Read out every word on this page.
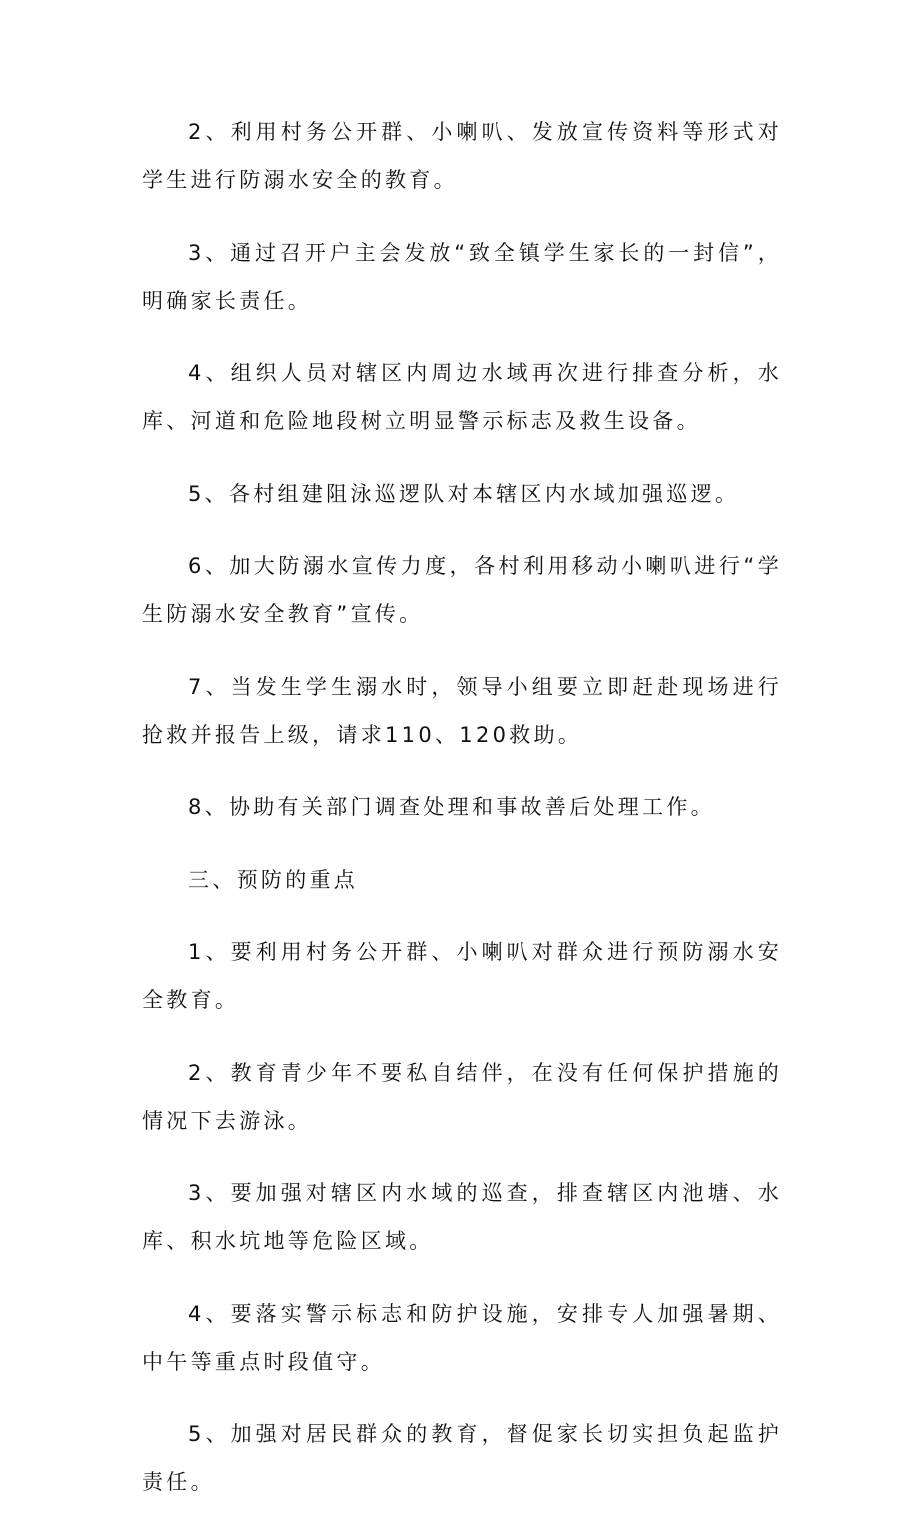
2、利用村务公开群、小喇叭、发放宣传资料等形式对学生进行防溺水安全的教育。

3、通过召开户主会发放“致全镇学生家长的一封信”，明确家长责任。

4、组织人员对辖区内周边水域再次进行排查分析，水库、河道和危险地段树立明显警示标志及救生设备。

5、各村组建阻泳巡逻队对本辖区内水域加强巡逻。

6、加大防溺水宣传力度，各村利用移动小喇叭进行“学生防溺水安全教育”宣传。

7、当发生学生溺水时，领导小组要立即赶赴现场进行抢救并报告上级，请求110、120救助。

8、协助有关部门调查处理和事故善后处理工作。

三、预防的重点

1、要利用村务公开群、小喇叭对群众进行预防溺水安全教育。

2、教育青少年不要私自结伴，在没有任何保护措施的情况下去游泳。

3、要加强对辖区内水域的巡查，排查辖区内池塘、水库、积水坑地等危险区域。

4、要落实警示标志和防护设施，安排专人加强暑期、中午等重点时段值守。

5、加强对居民群众的教育，督促家长切实担负起监护责任。
